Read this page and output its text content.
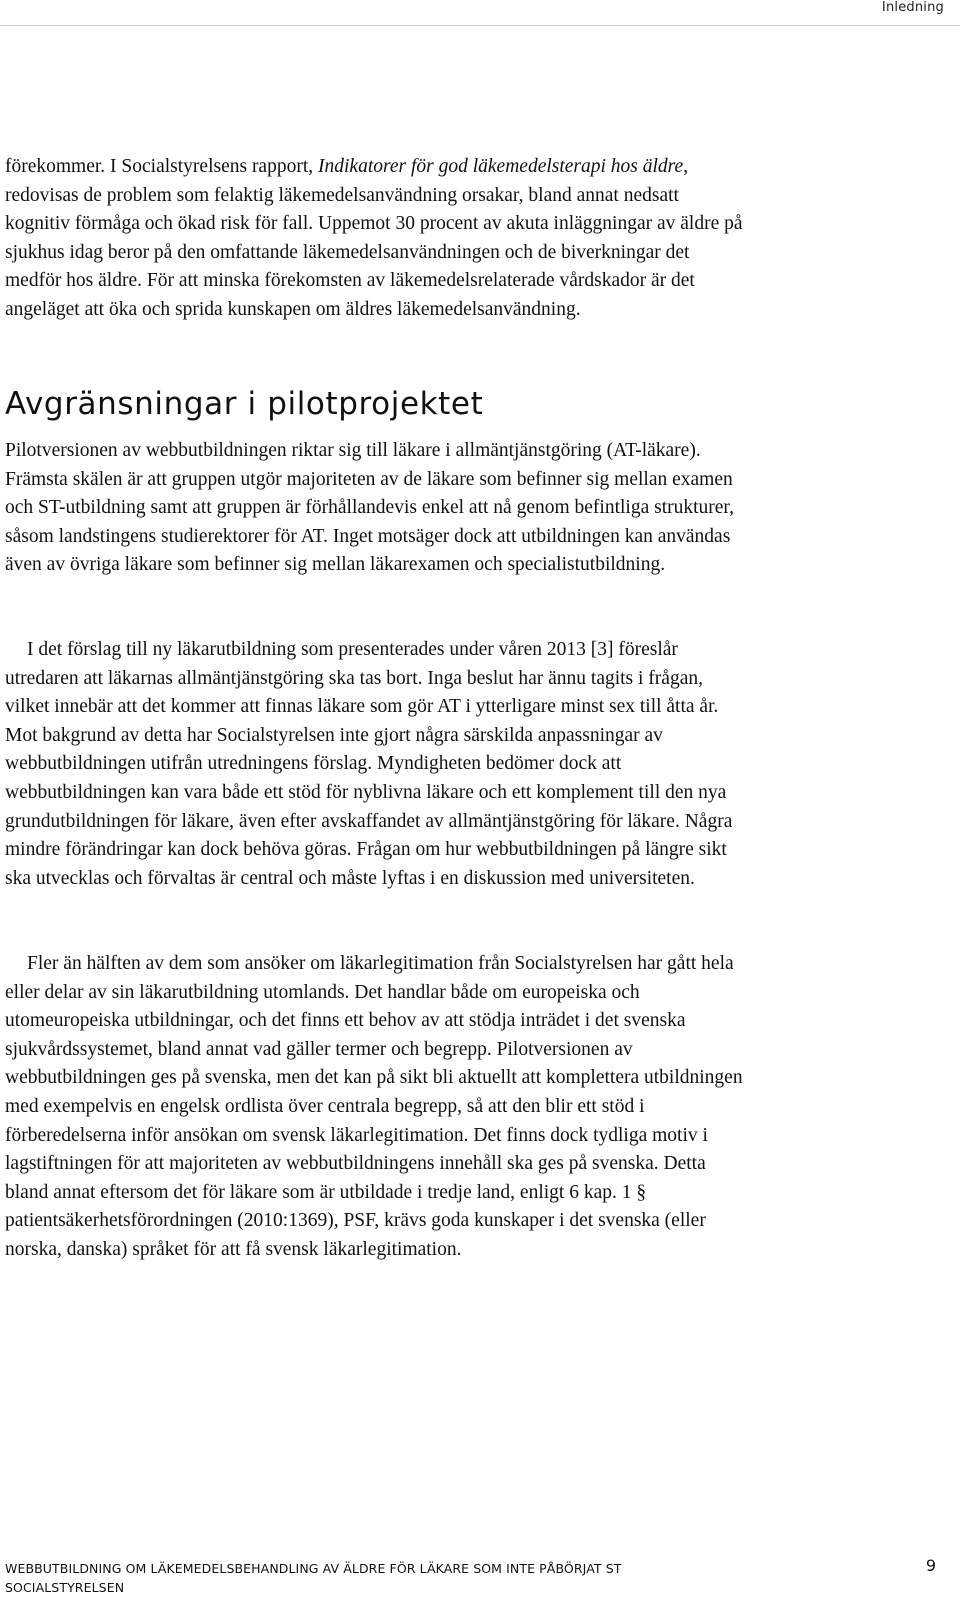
Inledning

förekommer. I Socialstyrelsens rapport, Indikatorer för god läkemedelsterapi hos äldre, redovisas de problem som felaktig läkemedelsanvändning orsakar, bland annat nedsatt kognitiv förmåga och ökad risk för fall. Uppemot 30 procent av akuta inläggningar av äldre på sjukhus idag beror på den omfattande läkemedelsanvändningen och de biverkningar det medför hos äldre. För att minska förekomsten av läkemedelsrelaterade vårdskador är det angeläget att öka och sprida kunskapen om äldres läkemedelsanvändning.

Avgränsningar i pilotprojektet

Pilotversionen av webbutbildningen riktar sig till läkare i allmäntjänstgöring (AT-läkare). Främsta skälen är att gruppen utgör majoriteten av de läkare som befinner sig mellan examen och ST-utbildning samt att gruppen är förhållandevis enkel att nå genom befintliga strukturer, såsom landstingens studierektorer för AT. Inget motsäger dock att utbildningen kan användas även av övriga läkare som befinner sig mellan läkarexamen och specialistutbildning.

I det förslag till ny läkarutbildning som presenterades under våren 2013 [3] föreslår utredaren att läkarnas allmäntjänstgöring ska tas bort. Inga beslut har ännu tagits i frågan, vilket innebär att det kommer att finnas läkare som gör AT i ytterligare minst sex till åtta år. Mot bakgrund av detta har Socialstyrelsen inte gjort några särskilda anpassningar av webbutbildningen utifrån utredningens förslag. Myndigheten bedömer dock att webbutbildningen kan vara både ett stöd för nyblivna läkare och ett komplement till den nya grundutbildningen för läkare, även efter avskaffandet av allmäntjänstgöring för läkare. Några mindre förändringar kan dock behöva göras. Frågan om hur webbutbildningen på längre sikt ska utvecklas och förvaltas är central och måste lyftas i en diskussion med universiteten.

Fler än hälften av dem som ansöker om läkarlegitimation från Socialstyrelsen har gått hela eller delar av sin läkarutbildning utomlands. Det handlar både om europeiska och utomeuropeiska utbildningar, och det finns ett behov av att stödja inträdet i det svenska sjukvårdssystemet, bland annat vad gäller termer och begrepp. Pilotversionen av webbutbildningen ges på svenska, men det kan på sikt bli aktuellt att komplettera utbildningen med exempelvis en engelsk ordlista över centrala begrepp, så att den blir ett stöd i förberedelserna inför ansökan om svensk läkarlegitimation. Det finns dock tydliga motiv i lagstiftningen för att majoriteten av webbutbildningens innehåll ska ges på svenska. Detta bland annat eftersom det för läkare som är utbildade i tredje land, enligt 6 kap. 1 § patientsäkerhetsförordningen (2010:1369), PSF, krävs goda kunskaper i det svenska (eller norska, danska) språket för att få svensk läkarlegitimation.

WEBBUTBILDNING OM LÄKEMEDELSBEHANDLING AV ÄLDRE FÖR LÄKARE SOM INTE PÅBÖRJAT ST
SOCIALSTYRELSEN
9
